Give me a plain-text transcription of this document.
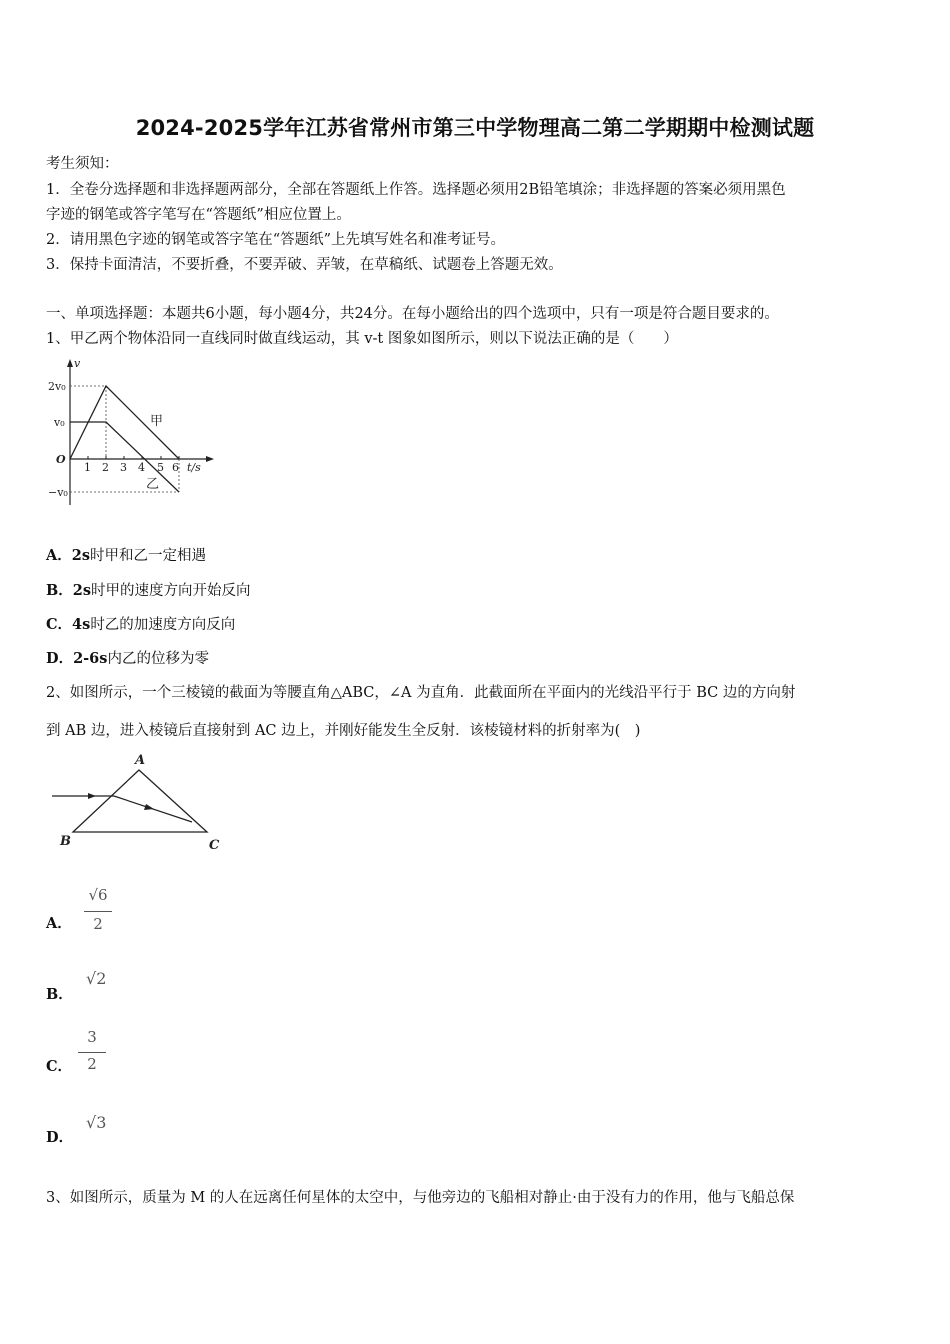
2024-2025学年江苏省常州市第三中学物理高二第二学期期中检测试题
考生须知：
1．全卷分选择题和非选择题两部分，全部在答题纸上作答。选择题必须用2B铅笔填涂；非选择题的答案必须用黑色
字迹的钢笔或答字笔写在“答题纸”相应位置上。
2．请用黑色字迹的钢笔或答字笔在“答题纸”上先填写姓名和准考证号。
3．保持卡面清洁，不要折叠，不要弄破、弄皱，在草稿纸、试题卷上答题无效。
一、单项选择题：本题共6小题，每小题4分，共24分。在每小题给出的四个选项中，只有一项是符合题目要求的。
1、甲乙两个物体沿同一直线同时做直线运动，其 v-t 图象如图所示，则以下说法正确的是（　　）
v
2v₀
v₀
−v₀
O
1 2 3 4 5 6 t/s
甲
乙
A．2s时甲和乙一定相遇
B．2s时甲的速度方向开始反向
C．4s时乙的加速度方向反向
D．2-6s内乙的位移为零
2、如图所示，一个三棱镜的截面为等腰直角△ABC，∠A 为直角．此截面所在平面内的光线沿平行于 BC 边的方向射
到 AB 边，进入棱镜后直接射到 AC 边上，并刚好能发生全反射．该棱镜材料的折射率为(　)
A
B	C
A．
√6
2
B．
√2
C．
3
2
D．
√3
3、如图所示，质量为 M 的人在远离任何星体的太空中，与他旁边的飞船相对静止·由于没有力的作用，他与飞船总保
